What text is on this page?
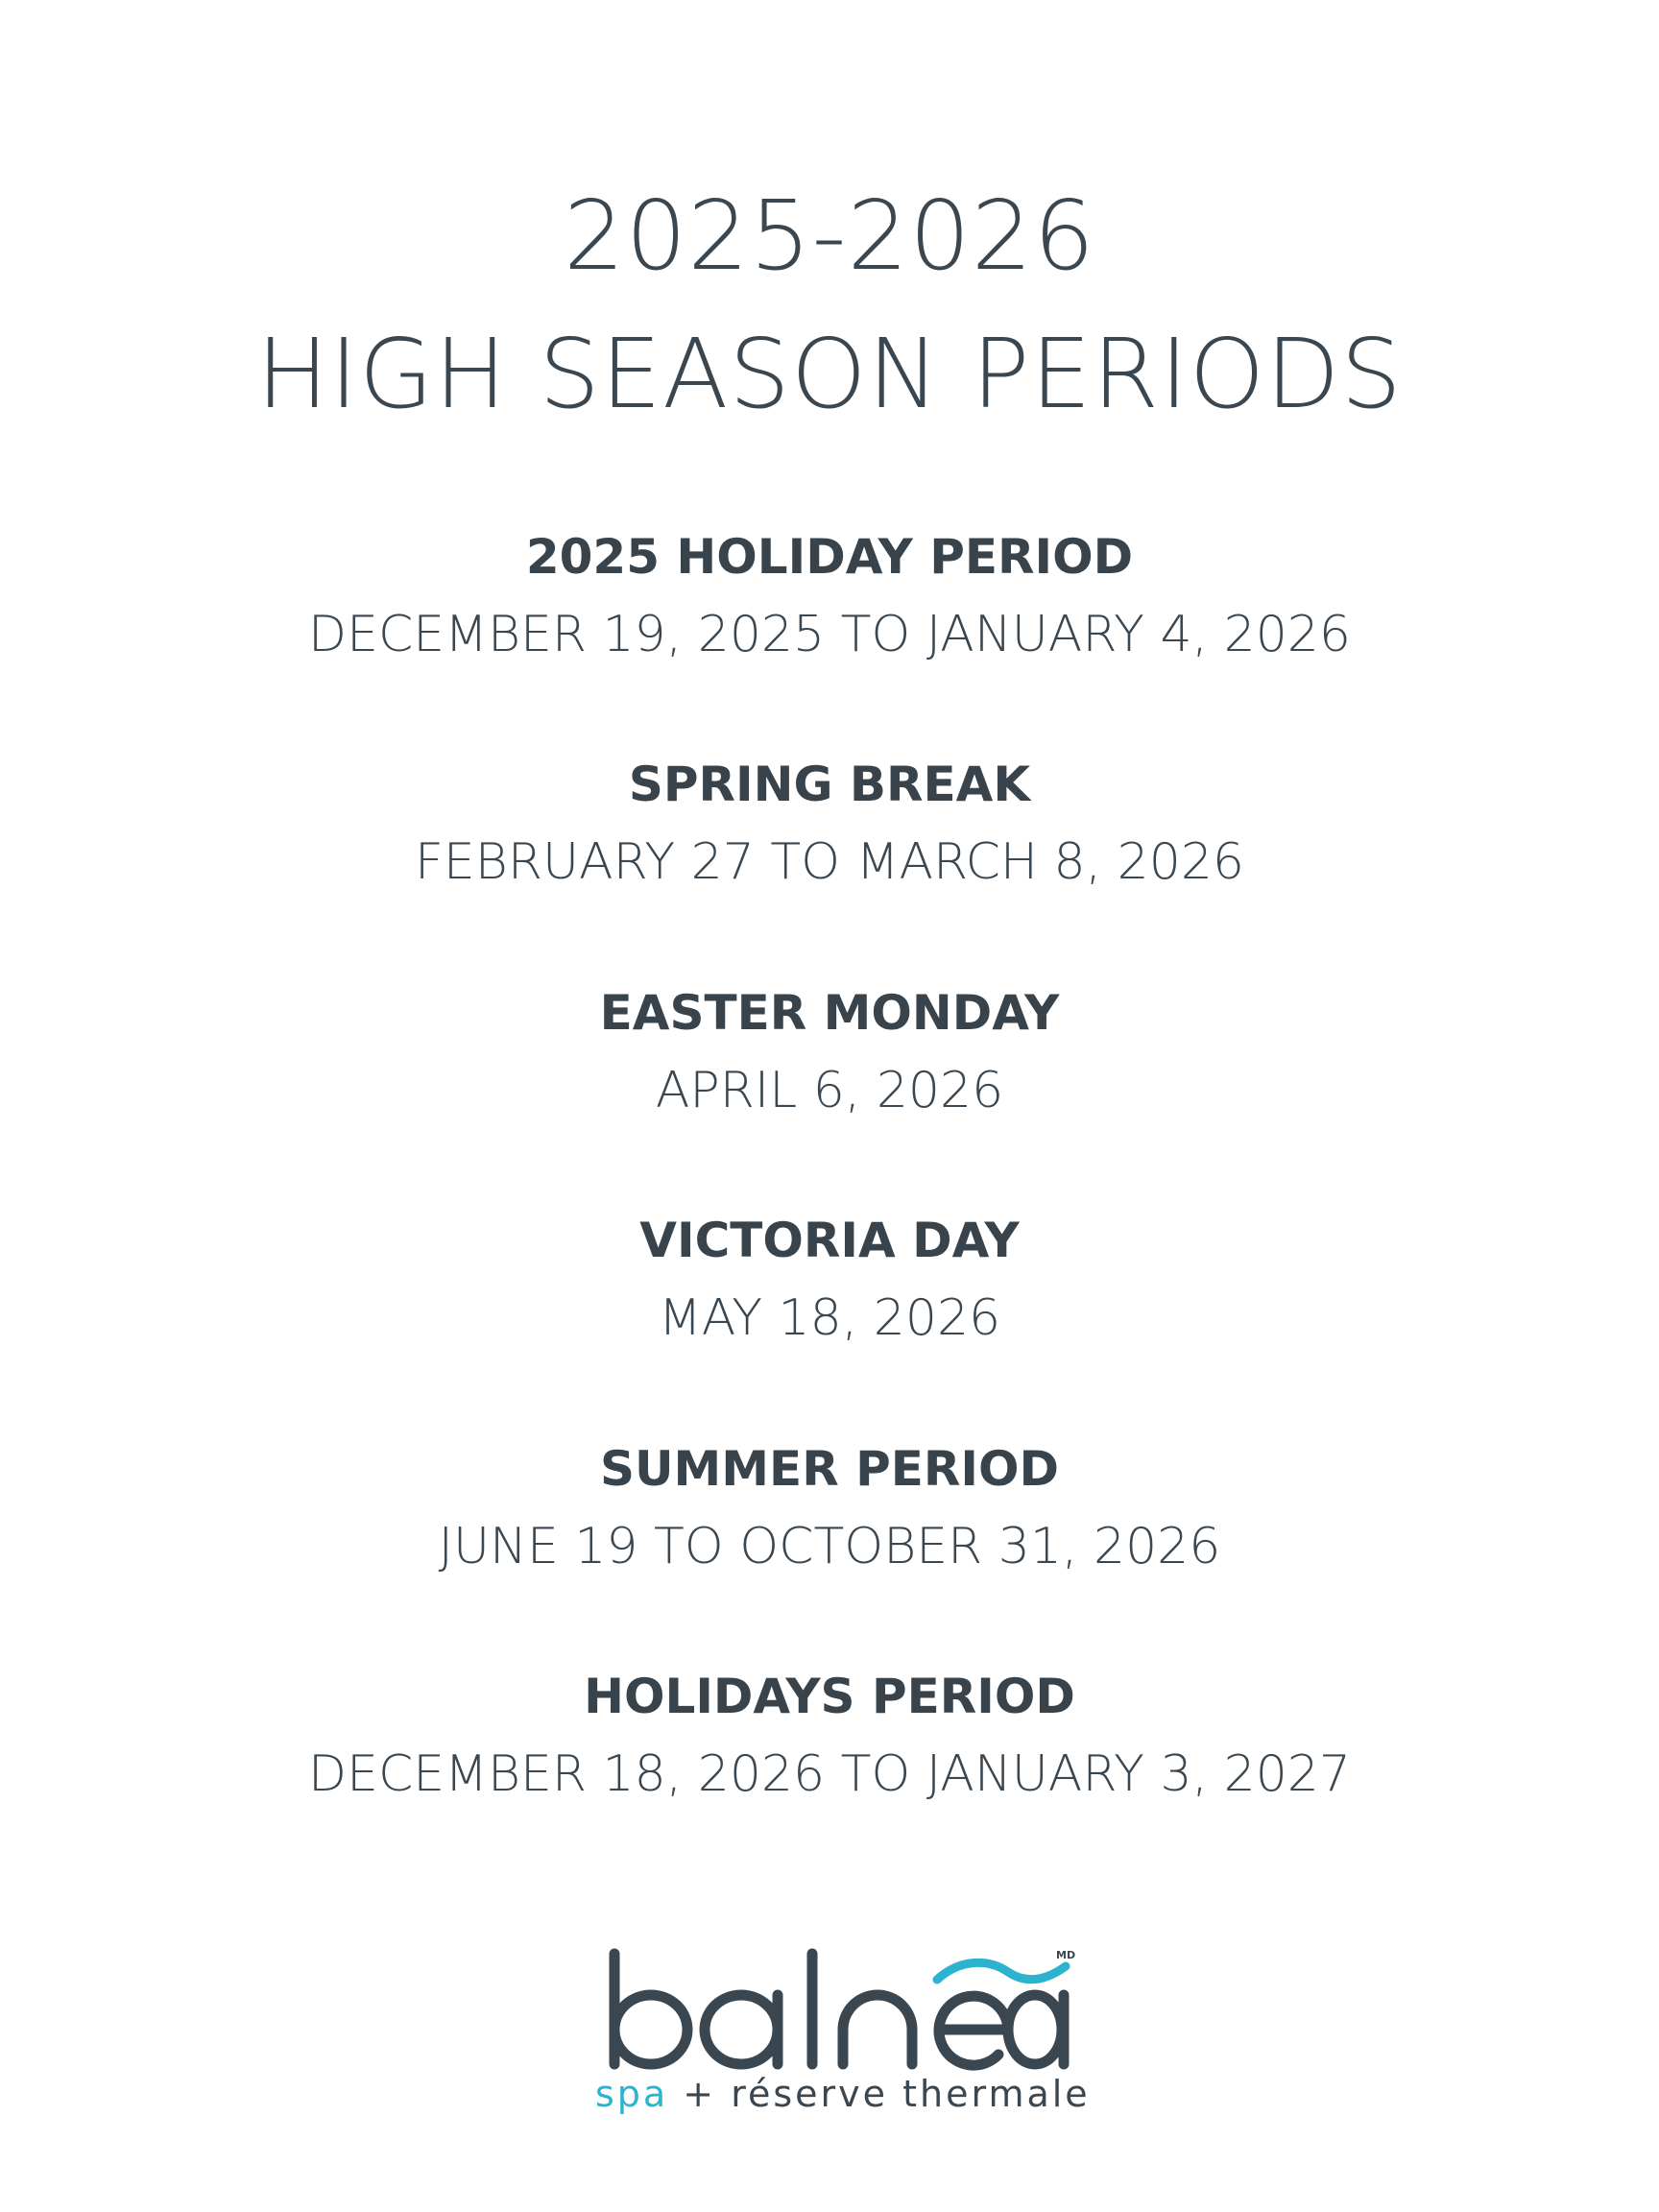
2025-2026
HIGH SEASON PERIODS
2025 HOLIDAY PERIOD
DECEMBER 19, 2025 TO JANUARY 4, 2026
SPRING BREAK
FEBRUARY 27 TO MARCH 8, 2026
EASTER MONDAY
APRIL 6, 2026
VICTORIA DAY
MAY 18, 2026
SUMMER PERIOD
JUNE 19 TO OCTOBER 31, 2026
HOLIDAYS PERIOD
DECEMBER 18, 2026 TO JANUARY 3, 2027
MD
spa + réserve thermale
